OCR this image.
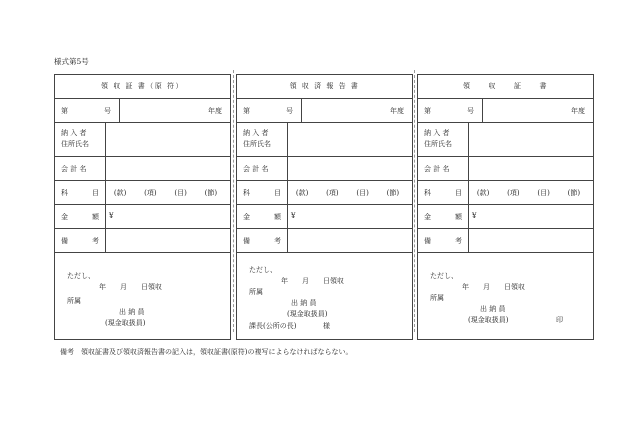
様式第5号
領 収 証 書（原 符）
第	号	年度
納 入 者
住所氏名
会 計 名
科	目 (款)	(項)	(目)	(節)
金	額 ¥
備	考
ただし、
年　　月　　日領収
所属
出 納 員
(現金取扱員)
領 収 済 報 告 書
第	号	年度
納 入 者
住所氏名
会 計 名
科	目 (款)	(項)	(目)	(節)
金	額 ¥
備	考
ただし、
年　　月　　日領収
所属
出 納 員
(現金取扱員)
課長(公所の長)	様
領　　収　　証　　書
第	号	年度
納 入 者
住所氏名
会 計 名
科	目 (款)	(項)	(目)	(節)
金	額 ¥
備	考
ただし、
年　　月　　日領収
所属
出 納 員
(現金取扱員)	印
備考　領収証書及び領収済報告書の記入は，領収証書(原符)の複写によらなければならない。
